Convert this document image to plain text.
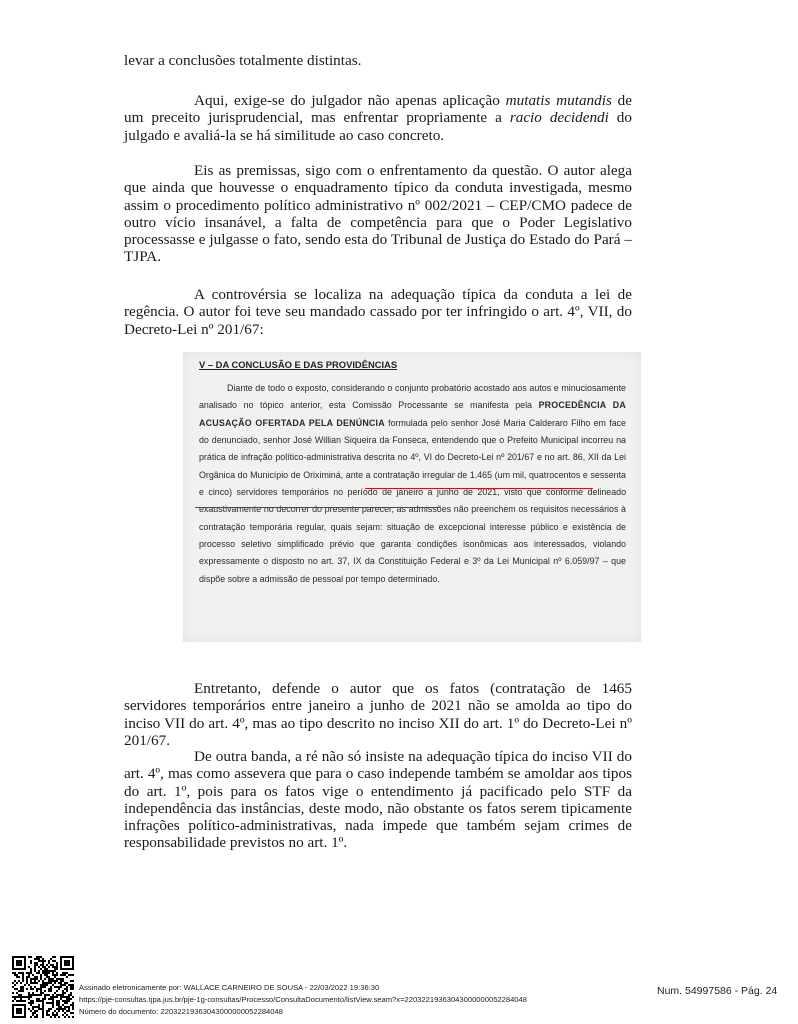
levar a conclusões totalmente distintas.

Aqui, exige-se do julgador não apenas aplicação mutatis mutandis de um preceito jurisprudencial, mas enfrentar propriamente a racio decidendi do julgado e avaliá-la se há similitude ao caso concreto.

Eis as premissas, sigo com o enfrentamento da questão. O autor alega que ainda que houvesse o enquadramento típico da conduta investigada, mesmo assim o procedimento político administrativo nº 002/2021 – CEP/CMO padece de outro vício insanável, a falta de competência para que o Poder Legislativo processasse e julgasse o fato, sendo esta do Tribunal de Justiça do Estado do Pará – TJPA.

A controvérsia se localiza na adequação típica da conduta a lei de regência. O autor foi teve seu mandado cassado por ter infringido o art. 4º, VII, do Decreto-Lei nº 201/67:

V – DA CONCLUSÃO E DAS PROVIDÊNCIAS

Diante de todo o exposto, considerando o conjunto probatório acostado aos autos e minuciosamente analisado no tópico anterior, esta Comissão Processante se manifesta pela PROCEDÊNCIA DA ACUSAÇÃO OFERTADA PELA DENÚNCIA formulada pelo senhor José Maria Calderaro Filho em face do denunciado, senhor José Willian Siqueira da Fonseca, entendendo que o Prefeito Municipal incorreu na prática de infração político-administrativa descrita no 4º, VI do Decreto-Lei nº 201/67 e no art. 86, XII da Lei Orgânica do Município de Oriximiná, ante a contratação irregular de 1.465 (um mil, quatrocentos e sessenta e cinco) servidores temporários no período de janeiro a junho de 2021, visto que conforme delineado exaustivamente no decorrer do presente parecer, as admissões não preenchem os requisitos necessários à contratação temporária regular, quais sejam: situação de excepcional interesse público e existência de processo seletivo simplificado prévio que garanta condições isonômicas aos interessados, violando expressamente o disposto no art. 37, IX da Constituição Federal e 3º da Lei Municipal nº 6.059/97 – que dispõe sobre a admissão de pessoal por tempo determinado.

Entretanto, defende o autor que os fatos (contratação de 1465 servidores temporários entre janeiro a junho de 2021 não se amolda ao tipo do inciso VII do art. 4º, mas ao tipo descrito no inciso XII do art. 1º do Decreto-Lei nº 201/67.

De outra banda, a ré não só insiste na adequação típica do inciso VII do art. 4º, mas como assevera que para o caso independe também se amoldar aos tipos do art. 1º, pois para os fatos vige o entendimento já pacificado pelo STF da independência das instâncias, deste modo, não obstante os fatos serem tipicamente infrações político-administrativas, nada impede que também sejam crimes de responsabilidade previstos no art. 1º.

Assinado eletronicamente por: WALLACE CARNEIRO DE SOUSA - 22/03/2022 19:36:30

https://pje-consultas.tjpa.jus.br/pje-1g-consultas/Processo/ConsultaDocumento/listView.seam?x=22032219363043000000052284048

Número do documento: 22032219363043000000052284048

Num. 54997586 - Pág. 24
